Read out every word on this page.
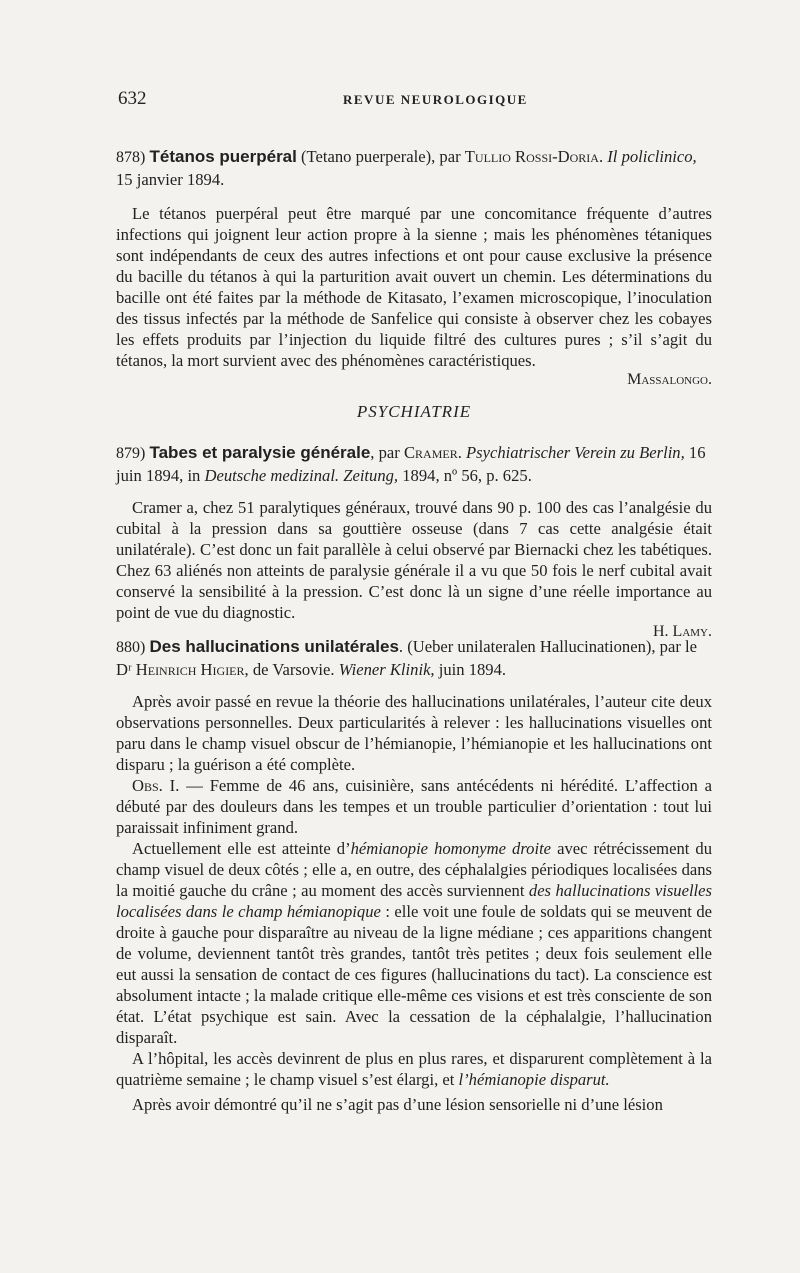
632	REVUE NEUROLOGIQUE
878) Tétanos puerpéral (Tetano puerperale), par Tullio Rossi-Doria. Il policlinico, 15 janvier 1894.

Le tétanos puerpéral peut être marqué par une concomitance fréquente d’autres infections qui joignent leur action propre à la sienne ; mais les phénomènes tétaniques sont indépendants de ceux des autres infections et ont pour cause exclusive la présence du bacille du tétanos à qui la parturition avait ouvert un chemin. Les déterminations du bacille ont été faites par la méthode de Kitasato, l’examen microscopique, l’inoculation des tissus infectés par la méthode de Sanfelice qui consiste à observer chez les cobayes les effets produits par l’injection du liquide filtré des cultures pures ; s’il s’agit du tétanos, la mort survient avec des phénomènes caractéristiques.

Massalongo.
PSYCHIATRIE
879) Tabes et paralysie générale, par Cramer. Psychiatrischer Verein zu Berlin, 16 juin 1894, in Deutsche medizinal. Zeitung, 1894, nº 56, p. 625.

Cramer a, chez 51 paralytiques généraux, trouvé dans 90 p. 100 des cas l’analgésie du cubital à la pression dans sa gouttière osseuse (dans 7 cas cette analgésie était unilatérale). C’est donc un fait parallèle à celui observé par Biernacki chez les tabétiques. Chez 63 aliénés non atteints de paralysie générale il a vu que 50 fois le nerf cubital avait conservé la sensibilité à la pression. C’est donc là un signe d’une réelle importance au point de vue du diagnostic.

H. Lamy.
880) Des hallucinations unilatérales. (Ueber unilateralen Hallucinationen), par le Dʳ Heinrich Higier, de Varsovie. Wiener Klinik, juin 1894.

Après avoir passé en revue la théorie des hallucinations unilatérales, l’auteur cite deux observations personnelles. Deux particularités à relever : les hallucinations visuelles ont paru dans le champ visuel obscur de l’hémianopie, l’hémianopie et les hallucinations ont disparu ; la guérison a été complète.

Obs. I. — Femme de 46 ans, cuisinière, sans antécédents ni hérédité. L’affection a débuté par des douleurs dans les tempes et un trouble particulier d’orientation : tout lui paraissait infiniment grand.

Actuellement elle est atteinte d’hémianopie homonyme droite avec rétrécissement du champ visuel de deux côtés ; elle a, en outre, des céphalalgies périodiques localisées dans la moitié gauche du crâne ; au moment des accès surviennent des hallucinations visuelles localisées dans le champ hémianopique : elle voit une foule de soldats qui se meuvent de droite à gauche pour disparaître au niveau de la ligne médiane ; ces apparitions changent de volume, deviennent tantôt très grandes, tantôt très petites ; deux fois seulement elle eut aussi la sensation de contact de ces figures (hallucinations du tact). La conscience est absolument intacte ; la malade critique elle-même ces visions et est très consciente de son état. L’état psychique est sain. Avec la cessation de la céphalalgie, l’hallucination disparaît.

A l’hôpital, les accès devinrent de plus en plus rares, et disparurent complètement à la quatrième semaine ; le champ visuel s’est élargi, et l’hémianopie disparut.

Après avoir démontré qu’il ne s’agit pas d’une lésion sensorielle ni d’une lésion
